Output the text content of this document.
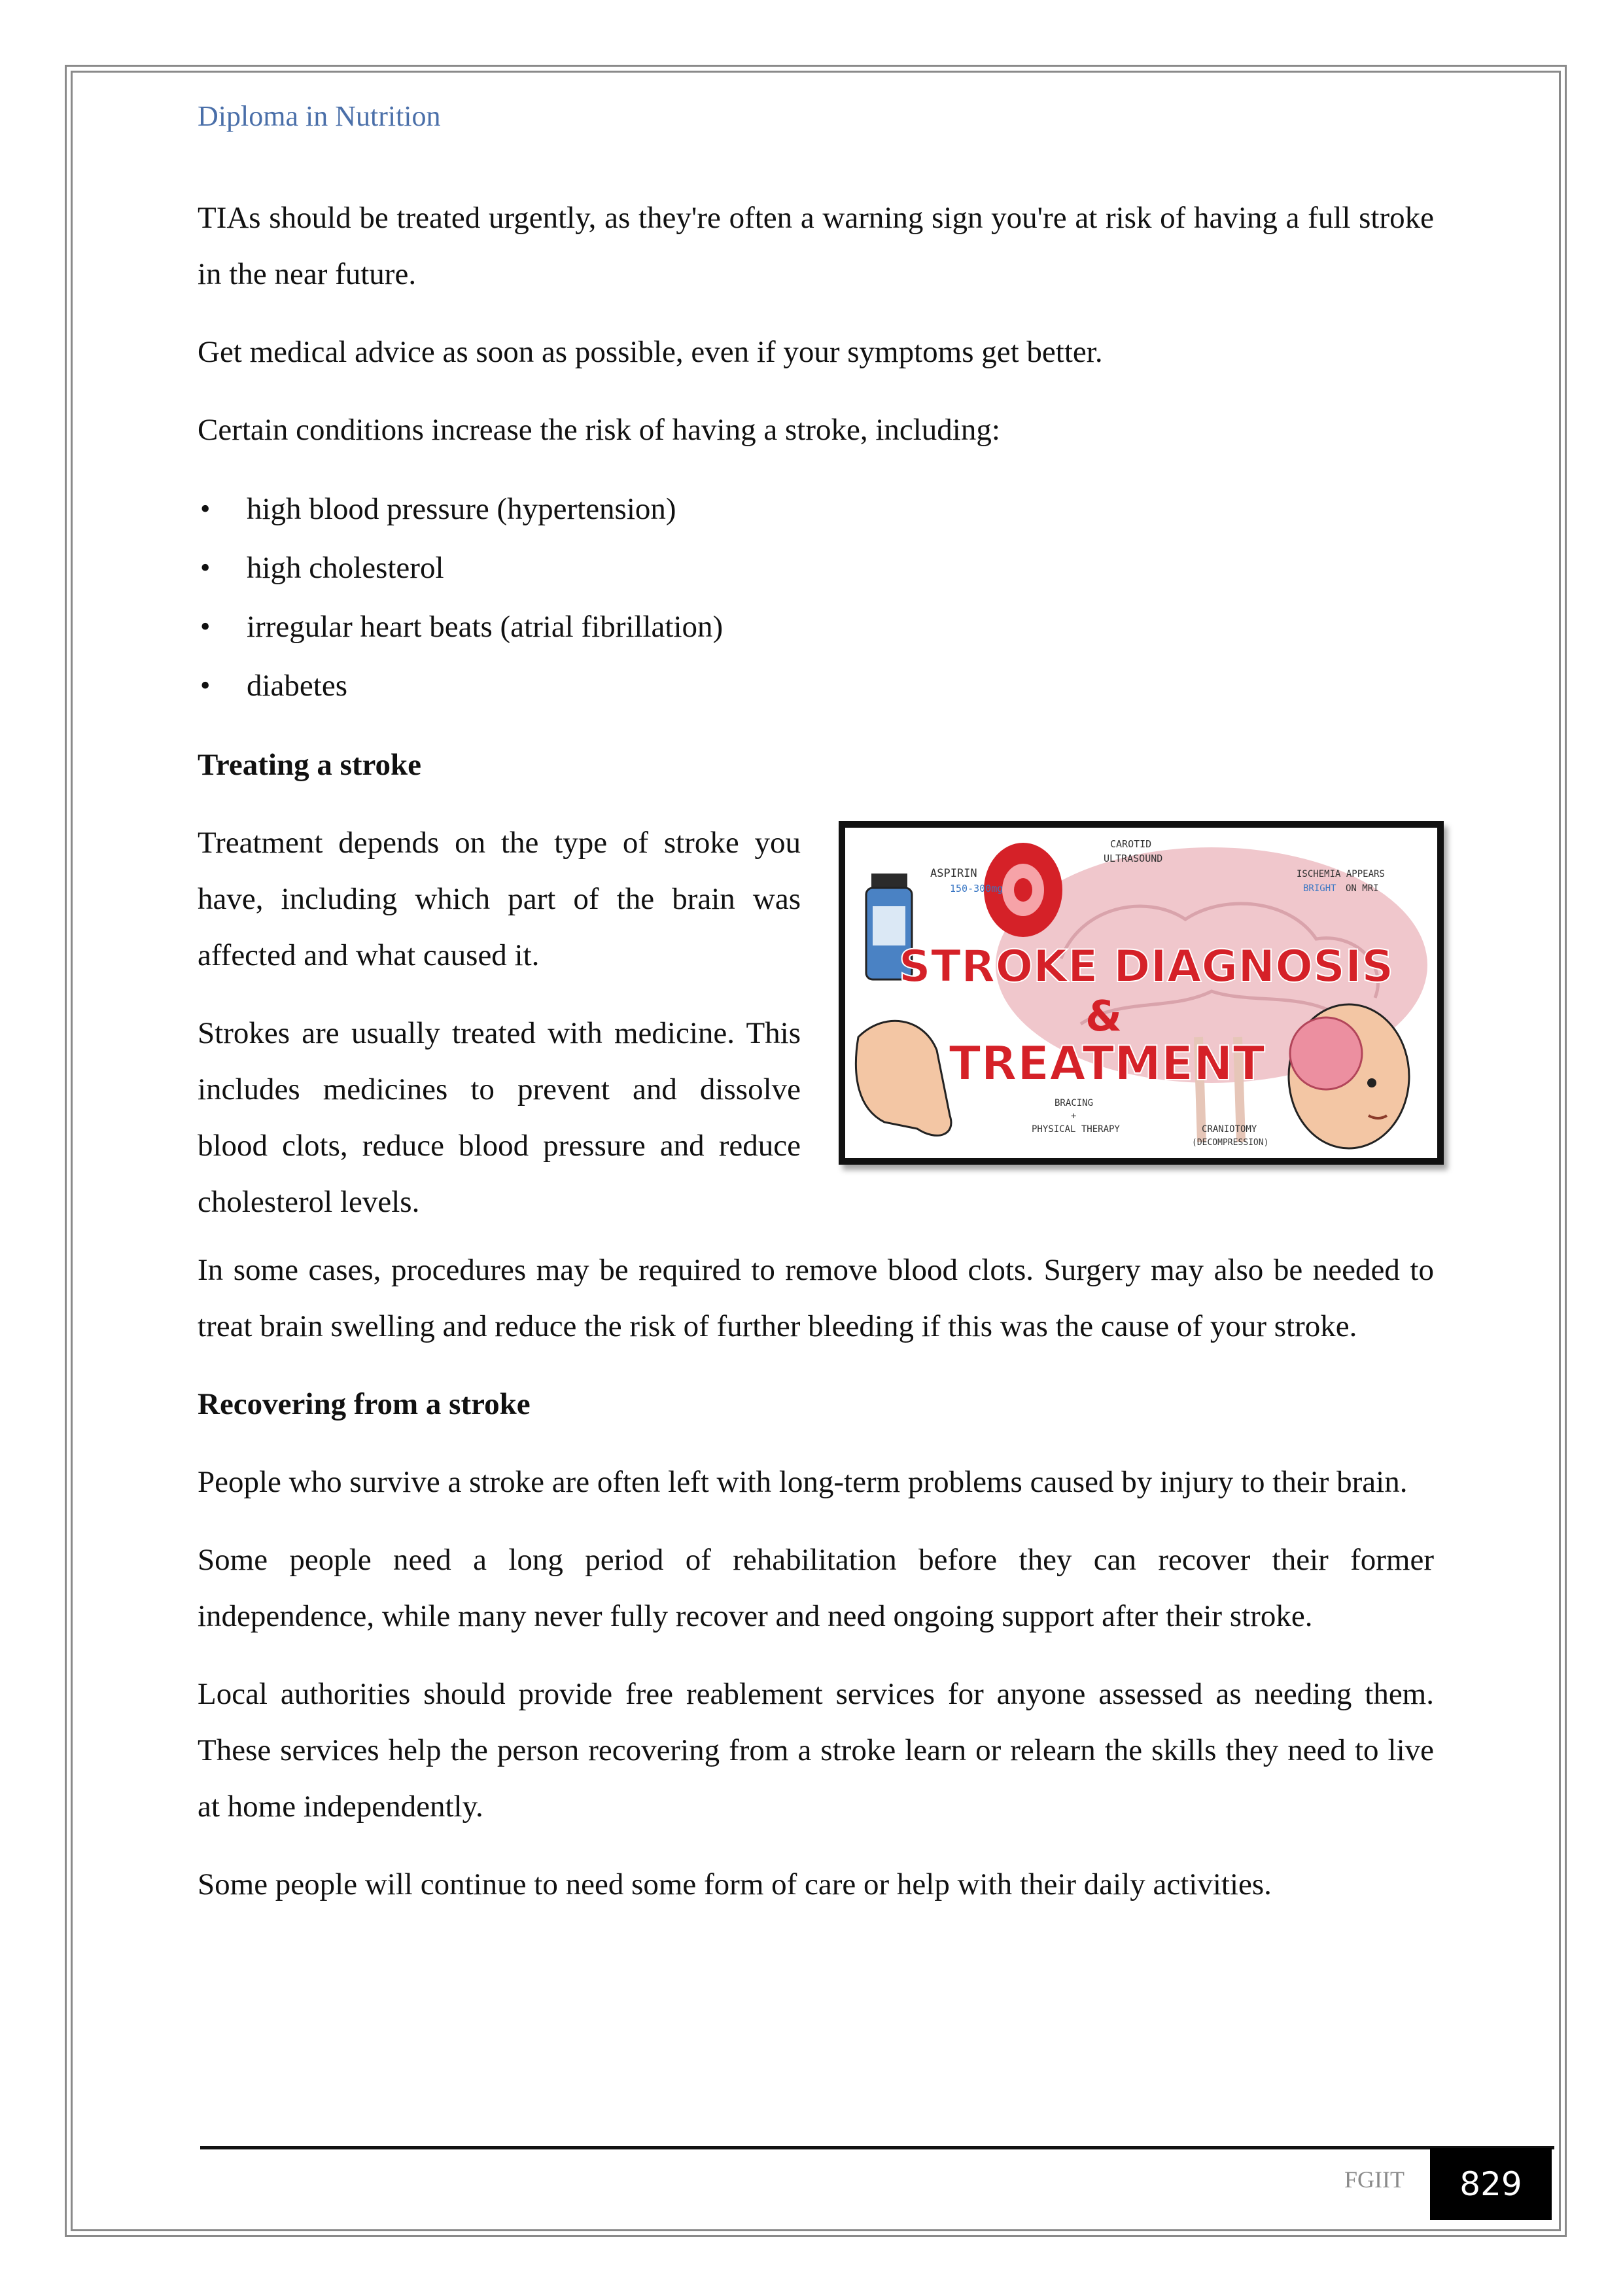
Diploma in Nutrition

TIAs should be treated urgently, as they're often a warning sign you're at risk of having a full stroke in the near future.

Get medical advice as soon as possible, even if your symptoms get better.

Certain conditions increase the risk of having a stroke, including:

• high blood pressure (hypertension)
• high cholesterol
• irregular heart beats (atrial fibrillation)
• diabetes
Treating a stroke

Treatment depends on the type of stroke you have, including which part of the brain was affected and what caused it.

Strokes are usually treated with medicine. This includes medicines to prevent and dissolve blood clots, reduce blood pressure and reduce cholesterol levels.

ASPIRIN
150-300mg
CAROTID
ULTRASOUND
ISCHEMIA APPEARS
BRIGHT ON MRI
STROKE DIAGNOSIS
&
TREATMENT
BRACING
+
PHYSICAL THERAPY	CRANIOTOMY
(DECOMPRESSION)

In some cases, procedures may be required to remove blood clots. Surgery may also be needed to treat brain swelling and reduce the risk of further bleeding if this was the cause of your stroke.

Recovering from a stroke

People who survive a stroke are often left with long-term problems caused by injury to their brain.

Some people need a long period of rehabilitation before they can recover their former independence, while many never fully recover and need ongoing support after their stroke.

Local authorities should provide free reablement services for anyone assessed as needing them. These services help the person recovering from a stroke learn or relearn the skills they need to live at home independently.

Some people will continue to need some form of care or help with their daily activities.

FGIIT	829
